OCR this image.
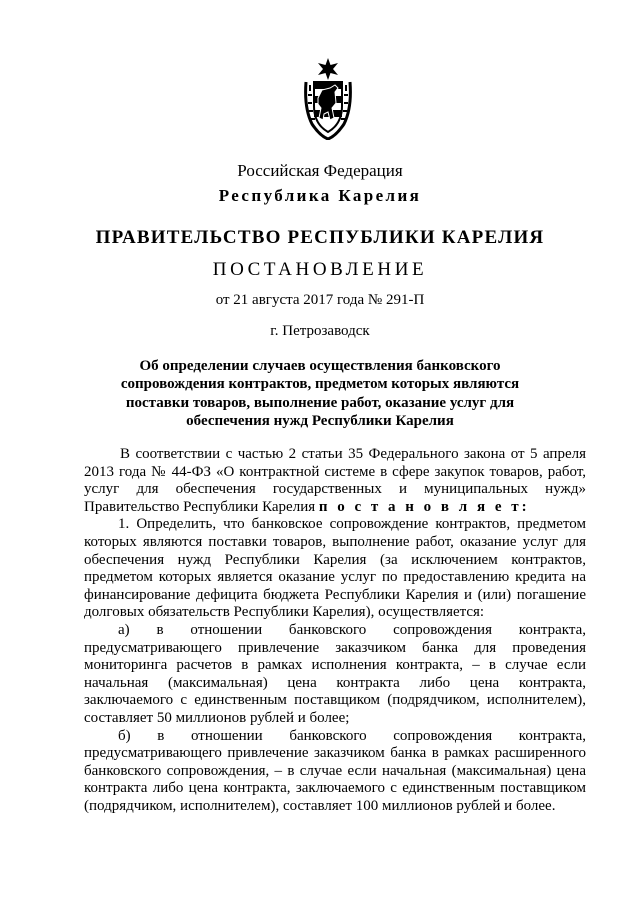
Российская Федерация
Республика Карелия
ПРАВИТЕЛЬСТВО РЕСПУБЛИКИ КАРЕЛИЯ
ПОСТАНОВЛЕНИЕ
от 21 августа 2017 года № 291-П
г. Петрозаводск
Об определении случаев осуществления банковского
сопровождения контрактов, предметом которых являются
поставки товаров, выполнение работ, оказание услуг для
обеспечения нужд Республики Карелия
В соответствии с частью 2 статьи 35 Федерального закона от 5 апреля
2013 года № 44-ФЗ «О контрактной системе в сфере закупок товаров, работ,
услуг для обеспечения государственных и муниципальных нужд»
Правительство Республики Карелия п о с т а н о в л я е т:
1. Определить, что банковское сопровождение контрактов, предметом
которых являются поставки товаров, выполнение работ, оказание услуг для
обеспечения нужд Республики Карелия (за исключением контрактов,
предметом которых является оказание услуг по предоставлению кредита на
финансирование дефицита бюджета Республики Карелия и (или) погашение
долговых обязательств Республики Карелия), осуществляется:
а) в отношении банковского сопровождения контракта,
предусматривающего привлечение заказчиком банка для проведения
мониторинга расчетов в рамках исполнения контракта, – в случае если
начальная (максимальная) цена контракта либо цена контракта,
заключаемого с единственным поставщиком (подрядчиком, исполнителем),
составляет 50 миллионов рублей и более;
б) в отношении банковского сопровождения контракта,
предусматривающего привлечение заказчиком банка в рамках расширенного
банковского сопровождения, – в случае если начальная (максимальная) цена
контракта либо цена контракта, заключаемого с единственным поставщиком
(подрядчиком, исполнителем), составляет 100 миллионов рублей и более.
